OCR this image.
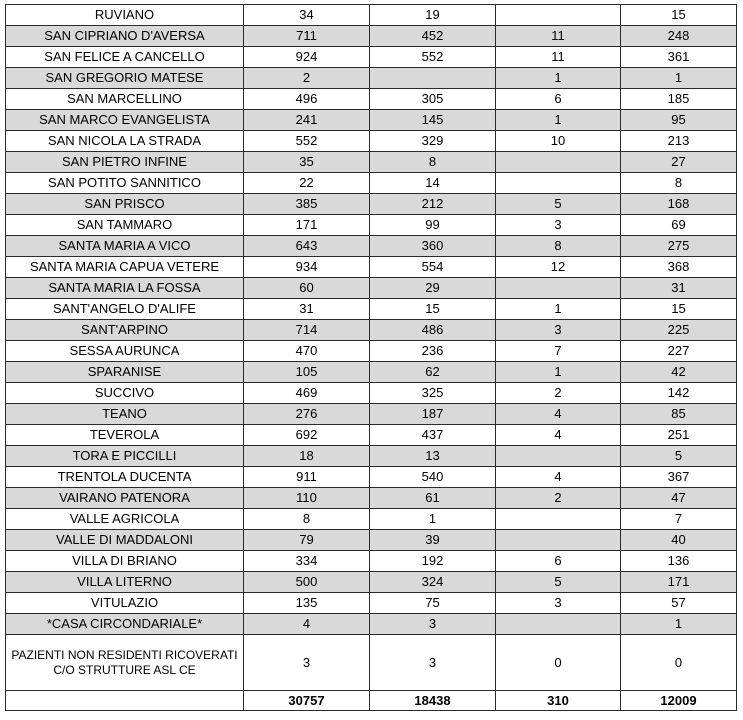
RUVIANO	34	19		15
SAN CIPRIANO D'AVERSA	711	452	11	248
SAN FELICE A CANCELLO	924	552	11	361
SAN GREGORIO MATESE	2		1	1
SAN MARCELLINO	496	305	6	185
SAN MARCO EVANGELISTA	241	145	1	95
SAN NICOLA LA STRADA	552	329	10	213
SAN PIETRO INFINE	35	8		27
SAN POTITO SANNITICO	22	14		8
SAN PRISCO	385	212	5	168
SAN TAMMARO	171	99	3	69
SANTA MARIA A VICO	643	360	8	275
SANTA MARIA CAPUA VETERE	934	554	12	368
SANTA MARIA LA FOSSA	60	29		31
SANT'ANGELO D'ALIFE	31	15	1	15
SANT'ARPINO	714	486	3	225
SESSA AURUNCA	470	236	7	227
SPARANISE	105	62	1	42
SUCCIVO	469	325	2	142
TEANO	276	187	4	85
TEVEROLA	692	437	4	251
TORA E PICCILLI	18	13		5
TRENTOLA DUCENTA	911	540	4	367
VAIRANO PATENORA	110	61	2	47
VALLE AGRICOLA	8	1		7
VALLE DI MADDALONI	79	39		40
VILLA DI BRIANO	334	192	6	136
VILLA LITERNO	500	324	5	171
VITULAZIO	135	75	3	57
*CASA CIRCONDARIALE*	4	3		1
PAZIENTI NON RESIDENTI RICOVERATI C/O STRUTTURE ASL CE	3	3	0	0
	30757	18438	310	12009
